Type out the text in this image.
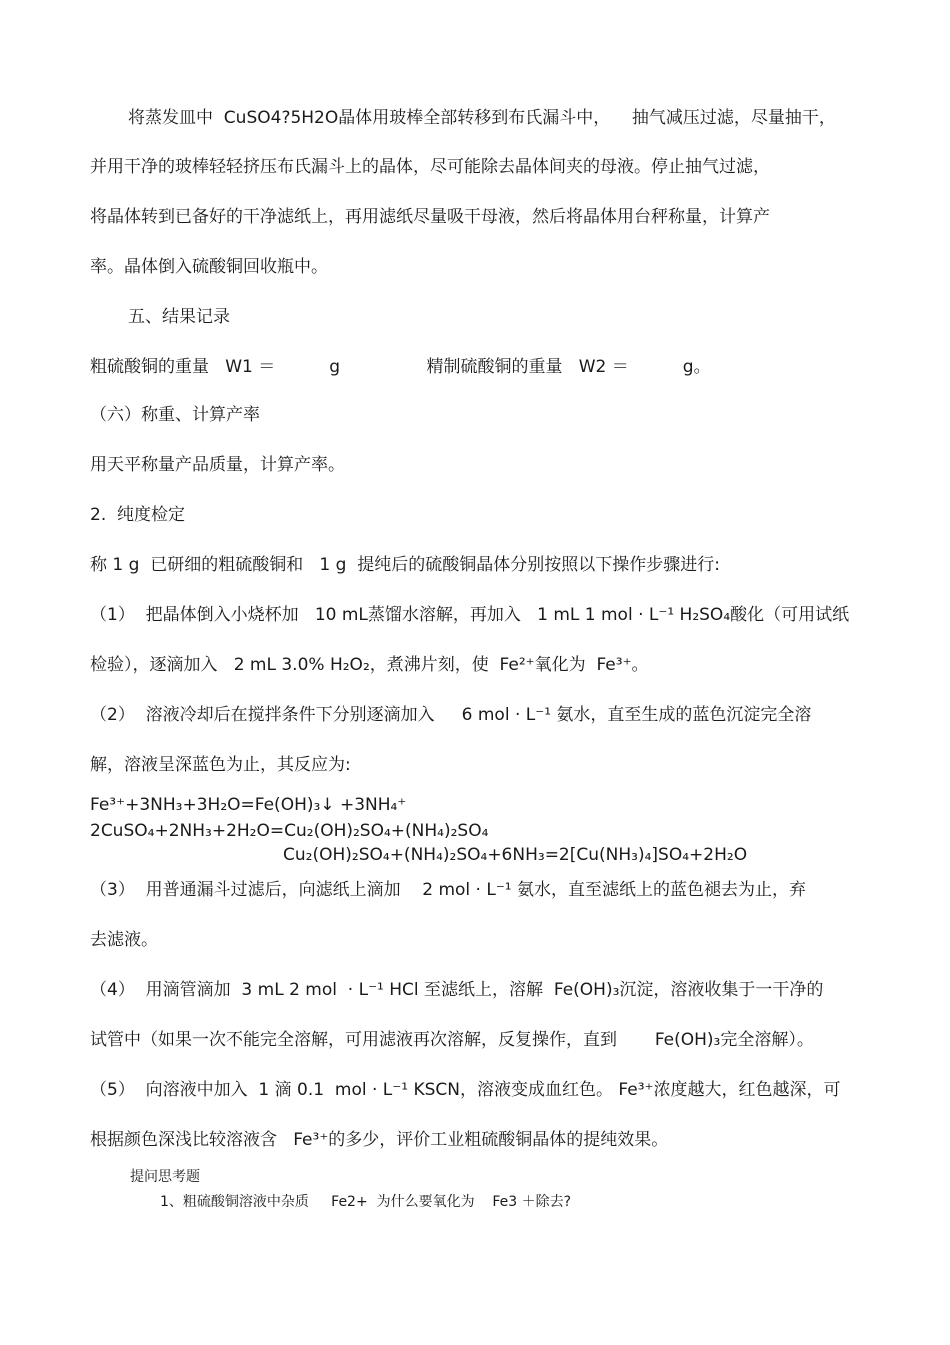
将蒸发皿中  CuSO4?5H2O晶体用玻棒全部转移到布氏漏斗中，    抽气减压过滤，尽量抽干，
并用干净的玻棒轻轻挤压布氏漏斗上的晶体，尽可能除去晶体间夹的母液。停止抽气过滤，
将晶体转到已备好的干净滤纸上，再用滤纸尽量吸干母液，然后将晶体用台秤称量，计算产
率。晶体倒入硫酸铜回收瓶中。
五、结果记录
粗硫酸铜的重量   W1 ＝          g                精制硫酸铜的重量   W2 ＝          g。
（六）称重、计算产率
用天平称量产品质量，计算产率。
2.  纯度检定
称 1 g  已研细的粗硫酸铜和   1 g  提纯后的硫酸铜晶体分别按照以下操作步骤进行:
（1）  把晶体倒入小烧杯加   10 mL蒸馏水溶解，再加入   1 mL 1 mol · L⁻¹ H₂SO₄酸化（可用试纸
检验），逐滴加入   2 mL 3.0% H₂O₂，煮沸片刻，使  Fe²⁺氧化为  Fe³⁺。
（2）  溶液冷却后在搅拌条件下分别逐滴加入     6 mol · L⁻¹ 氨水，直至生成的蓝色沉淀完全溶
解，溶液呈深蓝色为止，其反应为:
Fe³⁺+3NH₃+3H₂O=Fe(OH)₃↓ +3NH₄⁺
2CuSO₄+2NH₃+2H₂O=Cu₂(OH)₂SO₄+(NH₄)₂SO₄
Cu₂(OH)₂SO₄+(NH₄)₂SO₄+6NH₃=2[Cu(NH₃)₄]SO₄+2H₂O
（3）  用普通漏斗过滤后，向滤纸上滴加    2 mol · L⁻¹ 氨水，直至滤纸上的蓝色褪去为止，弃
去滤液。
（4）  用滴管滴加  3 mL 2 mol  · L⁻¹ HCl 至滤纸上，溶解  Fe(OH)₃沉淀，溶液收集于一干净的
试管中（如果一次不能完全溶解，可用滤液再次溶解，反复操作，直到       Fe(OH)₃完全溶解）。
（5）  向溶液中加入  1 滴 0.1  mol · L⁻¹ KSCN，溶液变成血红色。 Fe³⁺浓度越大，红色越深，可
根据颜色深浅比较溶液含   Fe³⁺的多少，评价工业粗硫酸铜晶体的提纯效果。
提问思考题
1、粗硫酸铜溶液中杂质     Fe2+  为什么要氧化为    Fe3 ＋除去?
